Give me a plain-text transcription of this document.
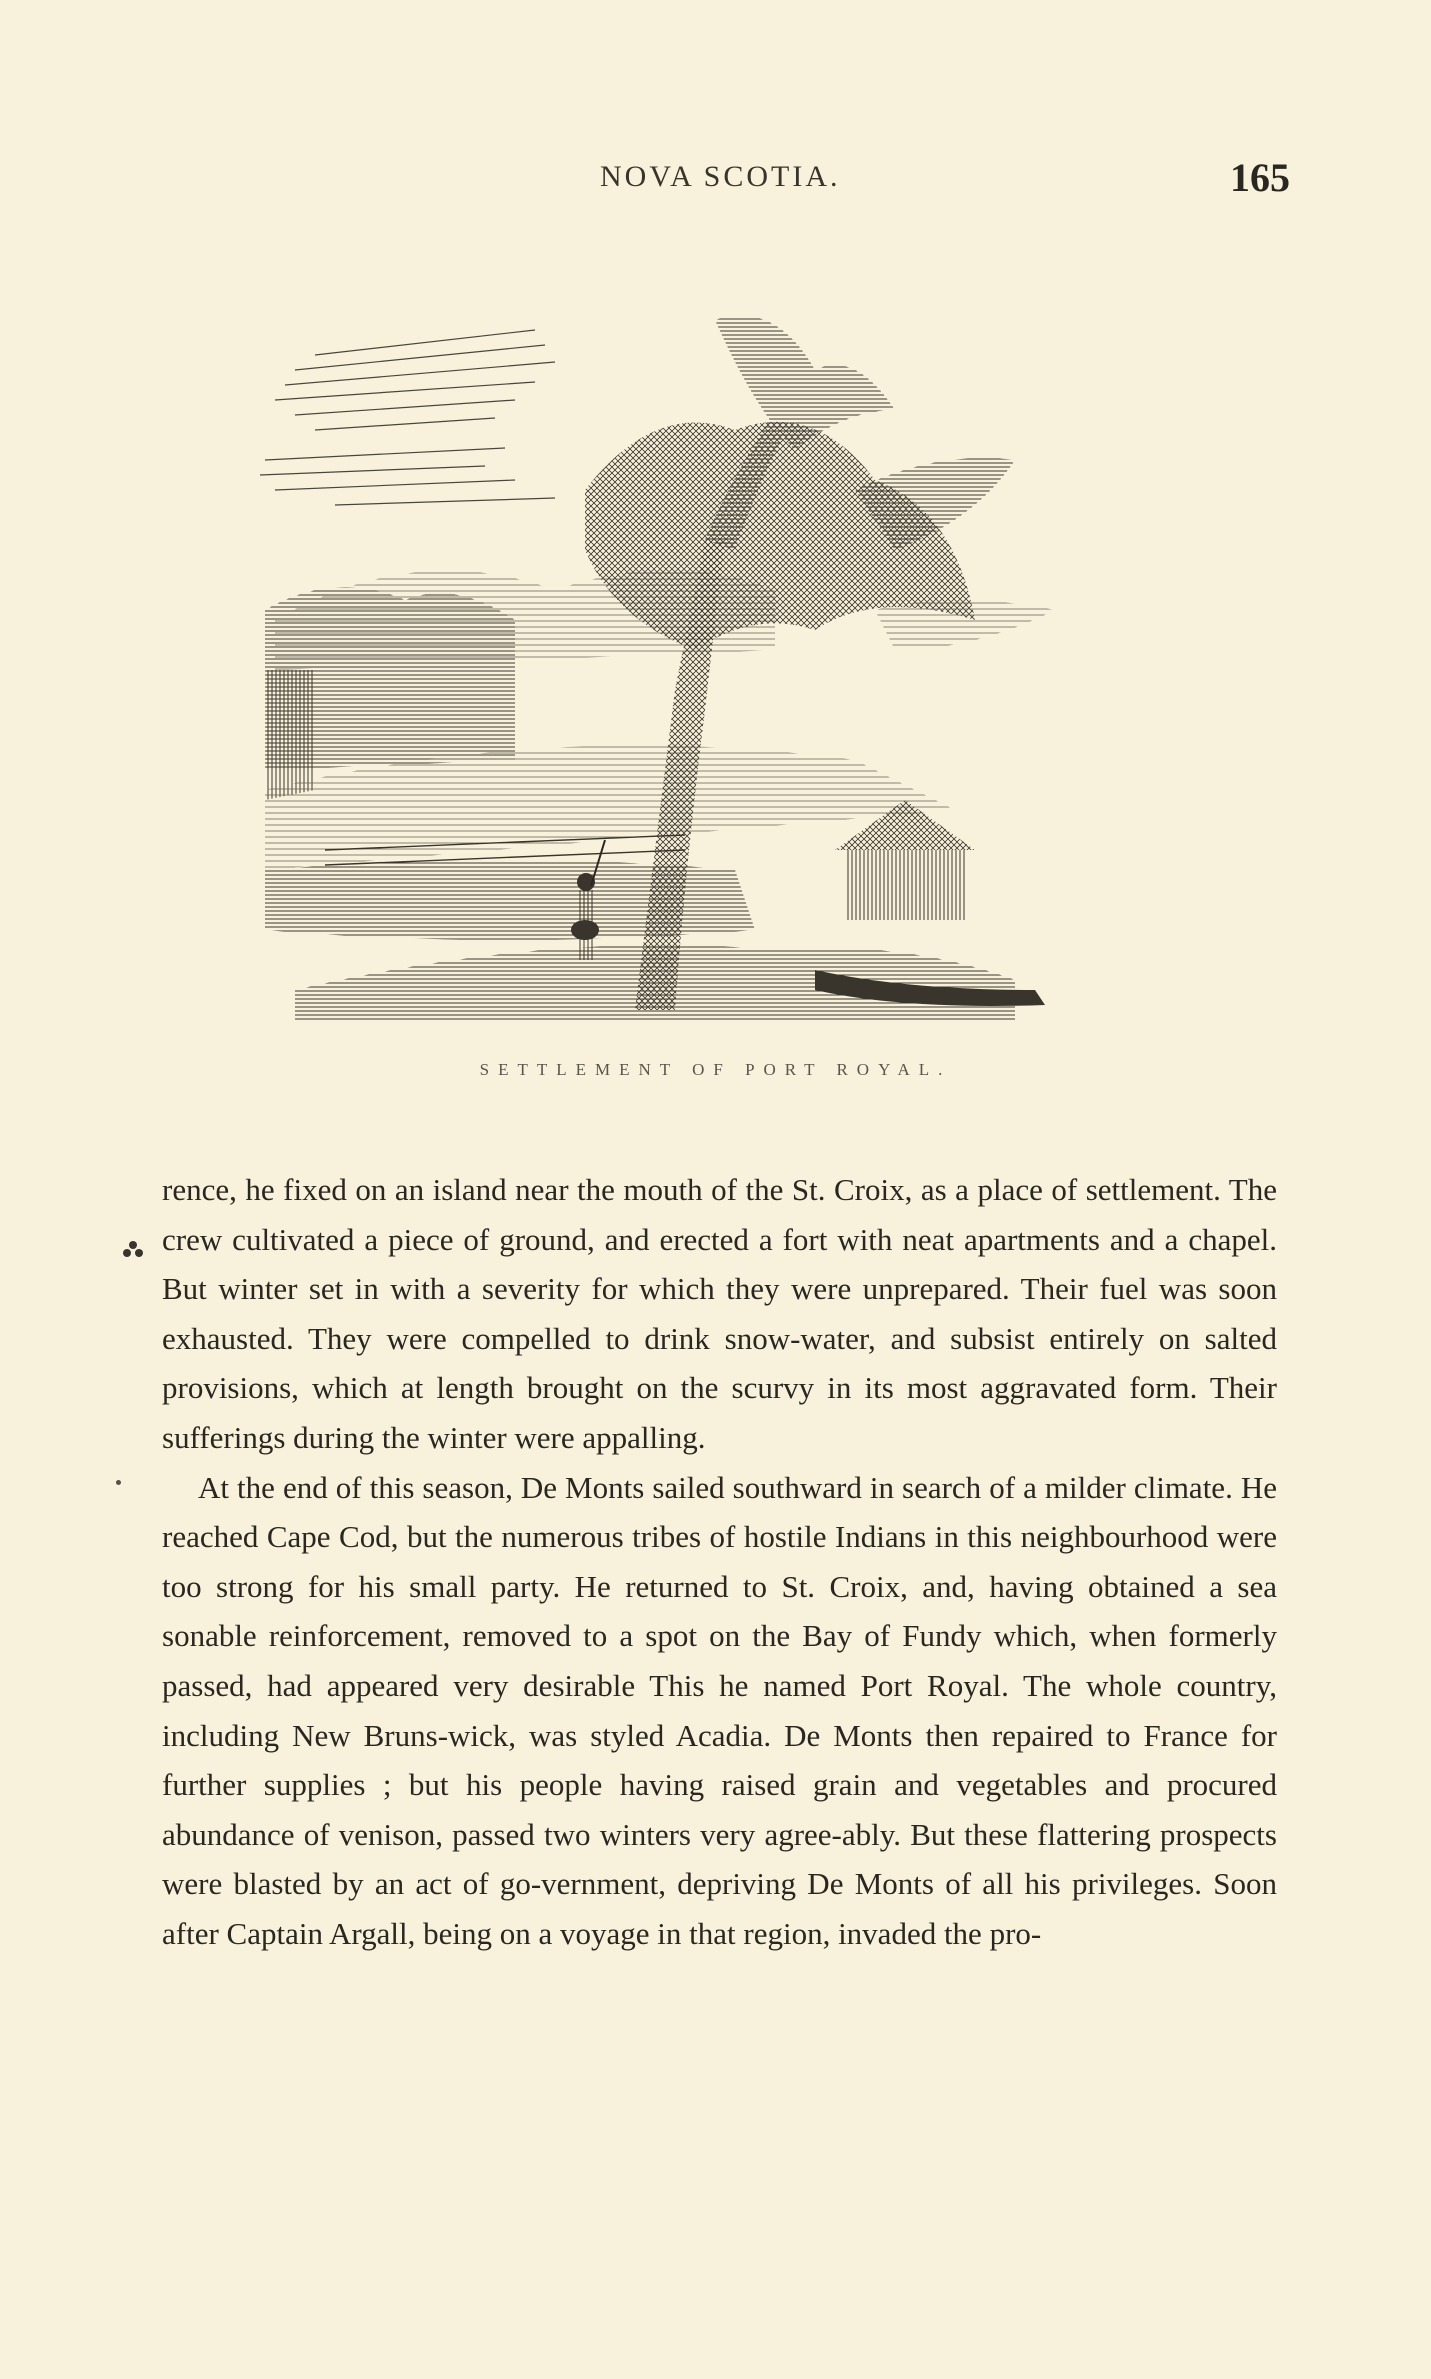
NOVA SCOTIA.	165
SETTLEMENT OF PORT ROYAL.

rence, he fixed on an island near the mouth of the St. Croix, as a place of settlement. The crew cultivated a piece of ground, and erected a fort with neat apartments and a chapel. But winter set in with a severity for which they were unprepared. Their fuel was soon exhausted. They were compelled to drink snow-water, and subsist entirely on salted provisions, which at length brought on the scurvy in its most aggravated form. Their sufferings during the winter were appalling.

At the end of this season, De Monts sailed southward in search of a milder climate. He reached Cape Cod, but the numerous tribes of hostile Indians in this neighbourhood were too strong for his small party. He returned to St. Croix, and, having obtained a sea sonable reinforcement, removed to a spot on the Bay of Fundy which, when formerly passed, had appeared very desirable This he named Port Royal. The whole country, including New Bruns-wick, was styled Acadia. De Monts then repaired to France for further supplies ; but his people having raised grain and vegetables and procured abundance of venison, passed two winters very agree-ably. But these flattering prospects were blasted by an act of go-vernment, depriving De Monts of all his privileges. Soon after Captain Argall, being on a voyage in that region, invaded the pro-
